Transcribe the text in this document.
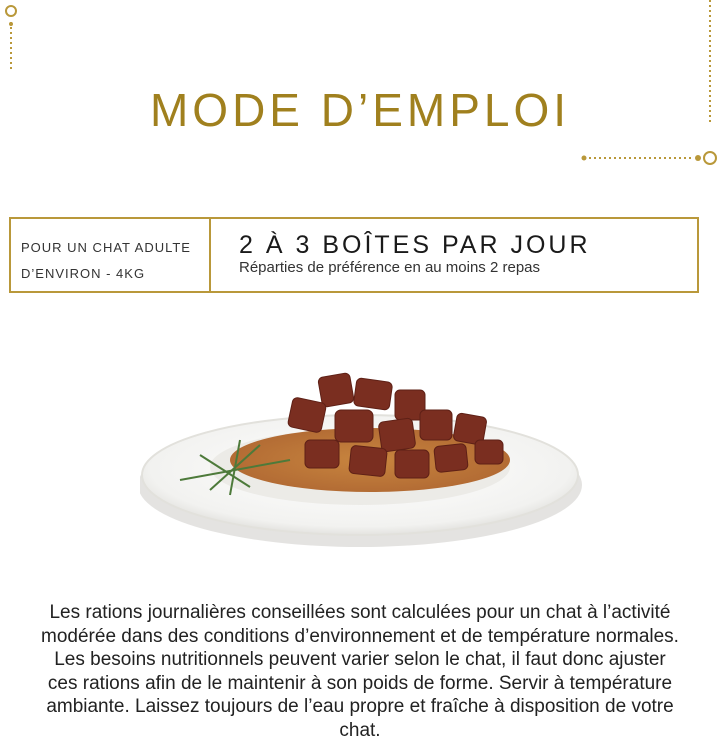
MODE D’EMPLOI
POUR UN CHAT ADULTE
D’ENVIRON - 4KG
2 À 3 BOÎTES PAR JOUR
Réparties de préférence en au moins 2 repas

Les rations journalières conseillées sont calculées pour un chat à l’activité modérée dans des conditions d’environnement et de température normales. Les besoins nutritionnels peuvent varier selon le chat, il faut donc ajuster ces rations afin de le maintenir à son poids de forme. Servir à température ambiante. Laissez toujours de l’eau propre et fraîche à disposition de votre chat.
